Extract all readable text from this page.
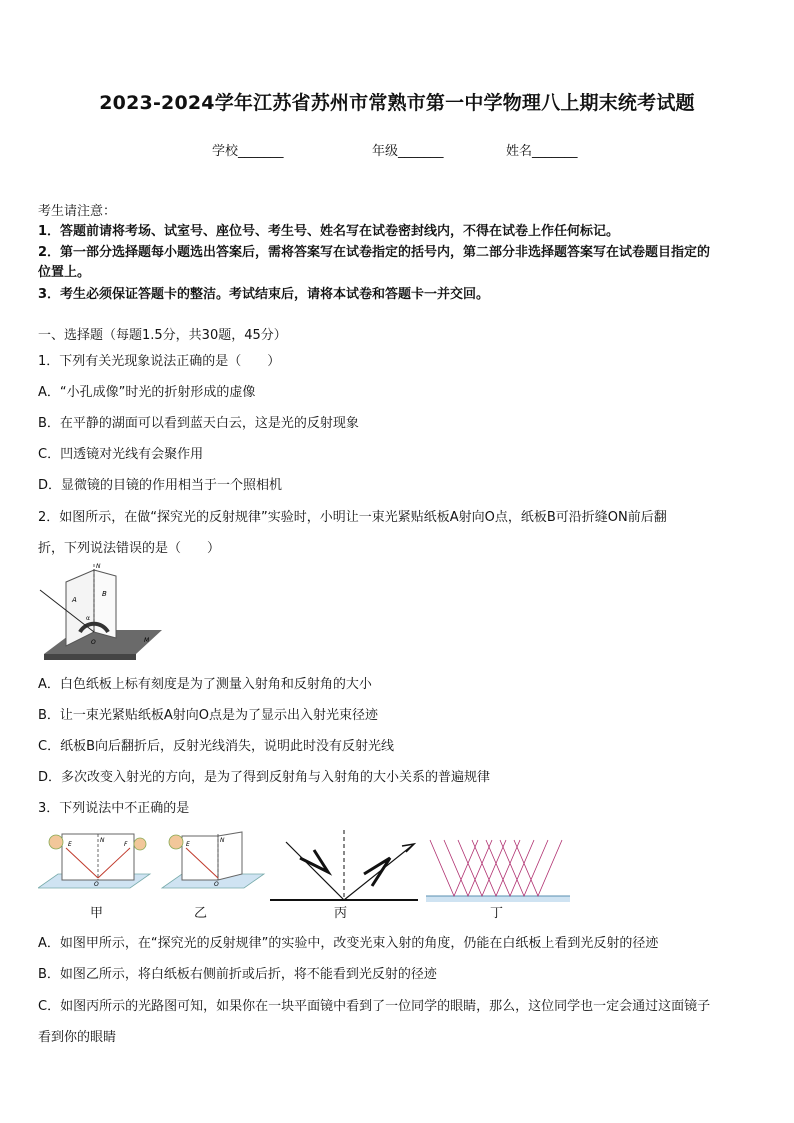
2023-2024学年江苏省苏州市常熟市第一中学物理八上期末统考试题
学校_______	年级_______	姓名_______
考生请注意：
1．答题前请将考场、试室号、座位号、考生号、姓名写在试卷密封线内，不得在试卷上作任何标记。
2．第一部分选择题每小题选出答案后，需将答案写在试卷指定的括号内，第二部分非选择题答案写在试卷题目指定的
位置上。
3．考生必须保证答题卡的整洁。考试结束后，请将本试卷和答题卡一并交回。
一、选择题（每题1.5分，共30题，45分）
1．下列有关光现象说法正确的是（　　）
A．“小孔成像”时光的折射形成的虚像
B．在平静的湖面可以看到蓝天白云，这是光的反射现象
C．凹透镜对光线有会聚作用
D．显微镜的目镜的作用相当于一个照相机
2．如图所示，在做“探究光的反射规律”实验时，小明让一束光紧贴纸板A射向O点，纸板B可沿折缝ON前后翻
折，下列说法错误的是（　　）
A
B
N
α
O	M
A．白色纸板上标有刻度是为了测量入射角和反射角的大小
B．让一束光紧贴纸板A射向O点是为了显示出入射光束径迹
C．纸板B向后翻折后，反射光线消失，说明此时没有反射光线
D．多次改变入射光的方向，是为了得到反射角与入射角的大小关系的普遍规律
3．下列说法中不正确的是
E	F
N
O
甲
E
N
O
乙	丙	丁
A．如图甲所示，在“探究光的反射规律”的实验中，改变光束入射的角度，仍能在白纸板上看到光反射的径迹
B．如图乙所示，将白纸板右侧前折或后折，将不能看到光反射的径迹
C．如图丙所示的光路图可知，如果你在一块平面镜中看到了一位同学的眼睛，那么，这位同学也一定会通过这面镜子
看到你的眼睛
